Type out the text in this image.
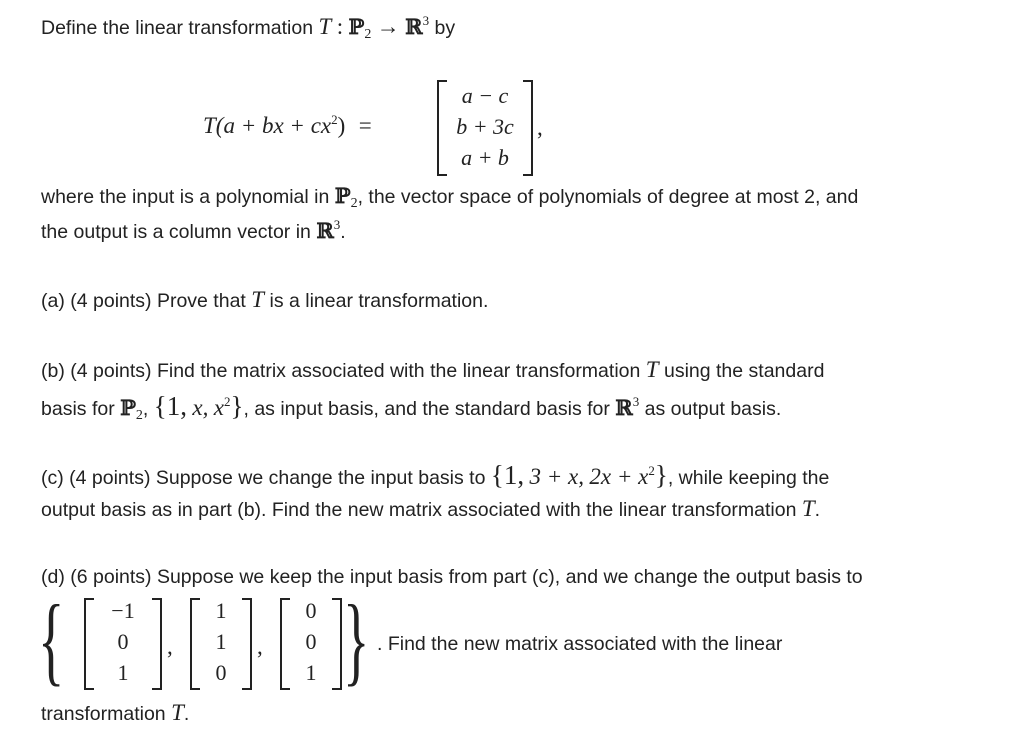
Define the linear transformation T : ℙ$_2$ → ℝ$^3$ by
T(a + bx + $cx^2$) =
a − c
b + 3c
a + b
,
where the input is a polynomial in ℙ$_2$, the vector space of polynomials of degree at most 2, and
the output is a column vector in ℝ$^3$.
(a) (4 points) Prove that T is a linear transformation.
(b) (4 points) Find the matrix associated with the linear transformation T using the standard
basis for ℙ$_2$, {1, x, $x^2$}, as input basis, and the standard basis for ℝ$^3$ as output basis.
(c) (4 points) Suppose we change the input basis to {1, 3 + x, $2x + x^2$}, while keeping the
output basis as in part (b). Find the new matrix associated with the linear transformation T.
(d) (6 points) Suppose we keep the input basis from part (c), and we change the output basis to
{	−1
0
1
,
1
1
0
,
0
0
1 } . Find the new matrix associated with the linear
transformation T.
